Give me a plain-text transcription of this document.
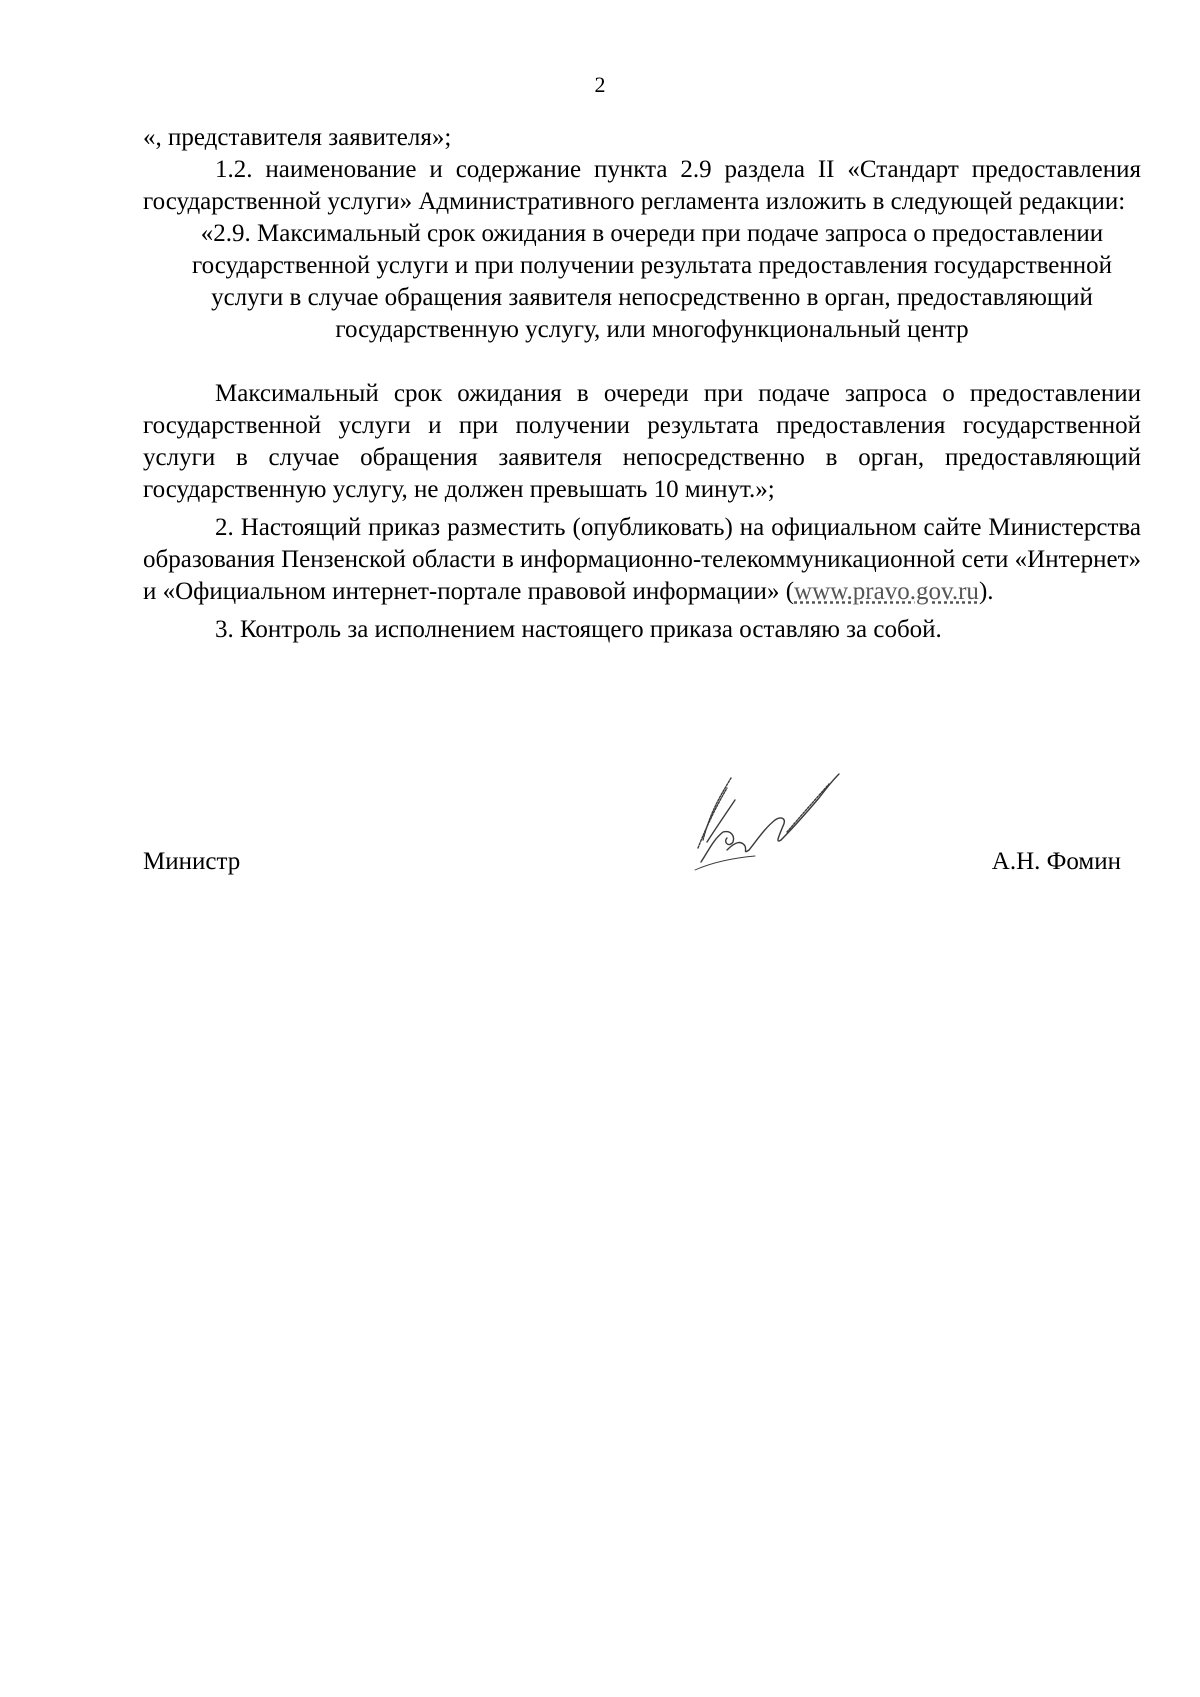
2

«, представителя заявителя»;

1.2. наименование и содержание пункта 2.9 раздела II «Стандарт предоставления государственной услуги» Административного регламента изложить в следующей редакции:

«2.9. Максимальный срок ожидания в очереди при подаче запроса о предоставлении государственной услуги и при получении результата предоставления государственной услуги в случае обращения заявителя непосредственно в орган, предоставляющий государственную услугу, или многофункциональный центр

Максимальный срок ожидания в очереди при подаче запроса о предоставлении государственной услуги и при получении результата предоставления государственной услуги в случае обращения заявителя непосредственно в орган, предоставляющий государственную услугу, не должен превышать 10 минут.»;

2. Настоящий приказ разместить (опубликовать) на официальном сайте Министерства образования Пензенской области в информационно-телекоммуникационной сети «Интернет» и «Официальном интернет-портале правовой информации» (www.pravo.gov.ru).

3. Контроль за исполнением настоящего приказа оставляю за собой.

Министр	А.Н. Фомин
